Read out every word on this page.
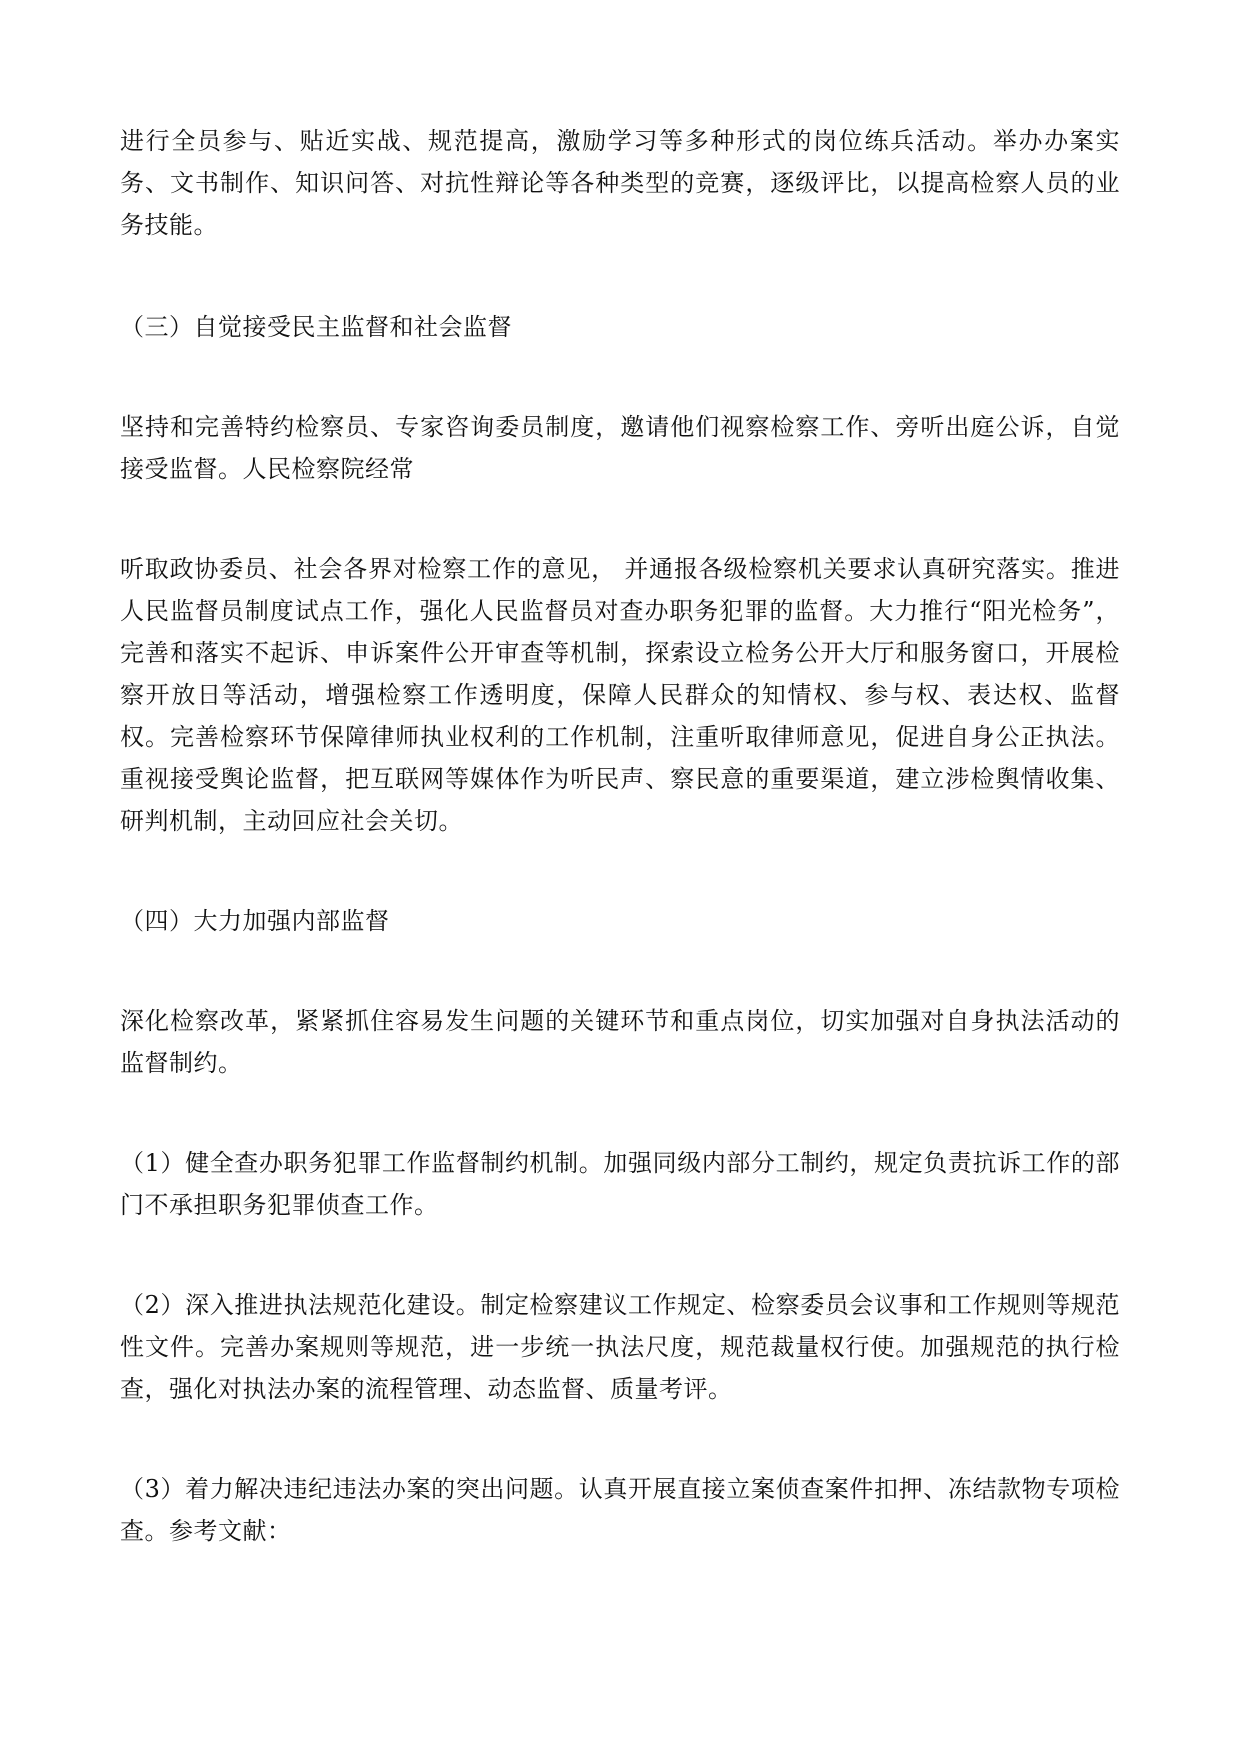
进行全员参与、贴近实战、规范提高，激励学习等多种形式的岗位练兵活动。举办办案实务、文书制作、知识问答、对抗性辩论等各种类型的竞赛，逐级评比，以提高检察人员的业务技能。

（三）自觉接受民主监督和社会监督

坚持和完善特约检察员、专家咨询委员制度，邀请他们视察检察工作、旁听出庭公诉，自觉接受监督。人民检察院经常

听取政协委员、社会各界对检察工作的意见， 并通报各级检察机关要求认真研究落实。推进人民监督员制度试点工作，强化人民监督员对查办职务犯罪的监督。大力推行“阳光检务”，完善和落实不起诉、申诉案件公开审查等机制，探索设立检务公开大厅和服务窗口，开展检察开放日等活动，增强检察工作透明度，保障人民群众的知情权、参与权、表达权、监督权。完善检察环节保障律师执业权利的工作机制，注重听取律师意见，促进自身公正执法。重视接受舆论监督，把互联网等媒体作为听民声、察民意的重要渠道，建立涉检舆情收集、研判机制，主动回应社会关切。

（四）大力加强内部监督

深化检察改革，紧紧抓住容易发生问题的关键环节和重点岗位，切实加强对自身执法活动的监督制约。

（1）健全查办职务犯罪工作监督制约机制。加强同级内部分工制约，规定负责抗诉工作的部门不承担职务犯罪侦查工作。

（2）深入推进执法规范化建设。制定检察建议工作规定、检察委员会议事和工作规则等规范性文件。完善办案规则等规范，进一步统一执法尺度，规范裁量权行使。加强规范的执行检查，强化对执法办案的流程管理、动态监督、质量考评。

（3）着力解决违纪违法办案的突出问题。认真开展直接立案侦查案件扣押、冻结款物专项检查。参考文献：
